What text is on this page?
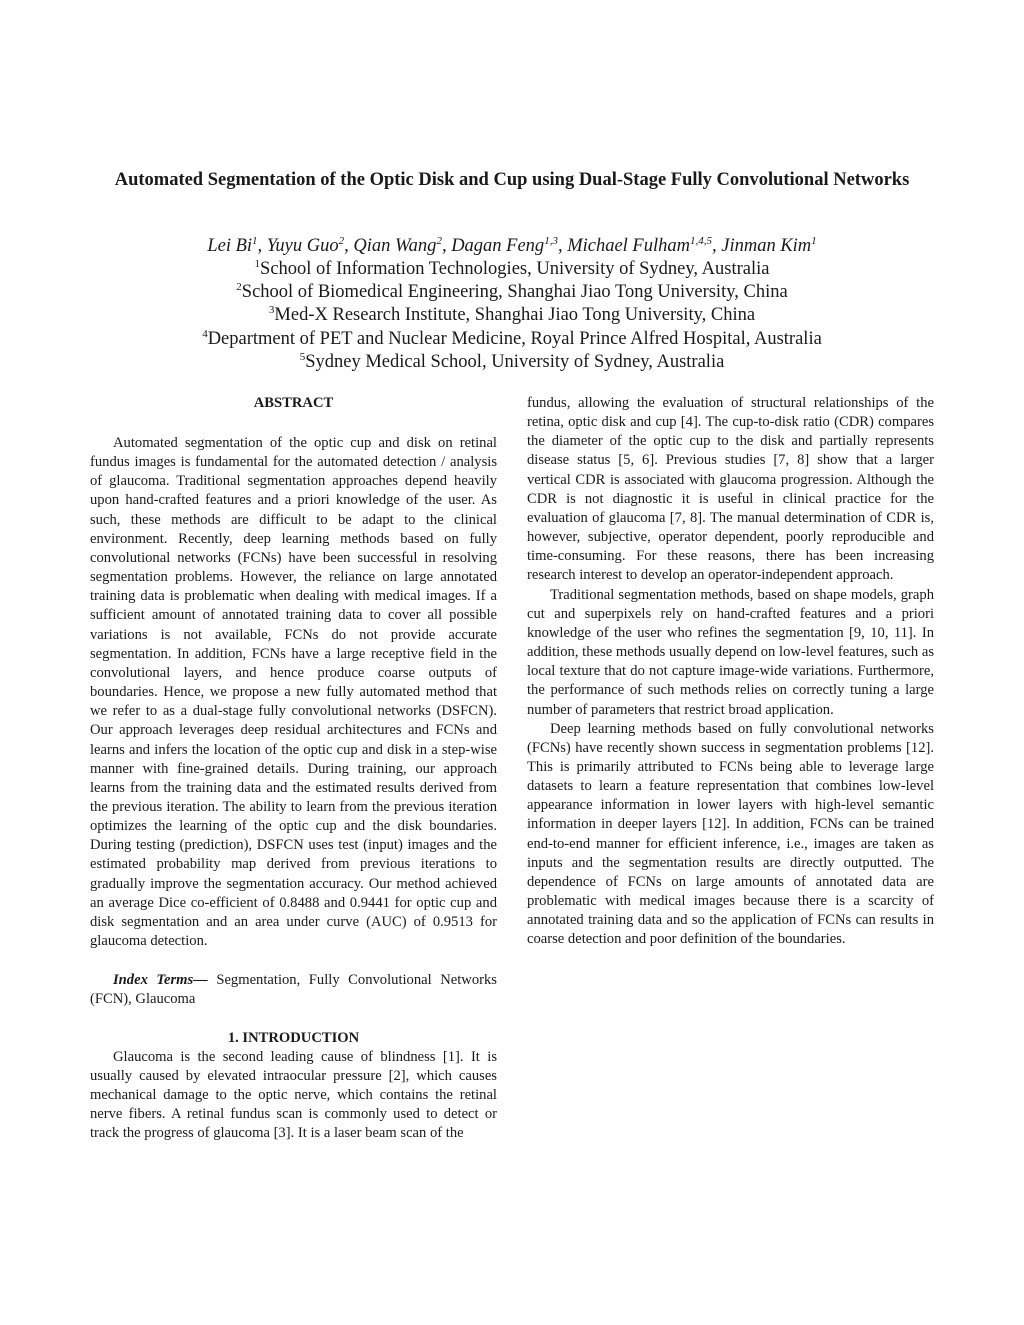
Automated Segmentation of the Optic Disk and Cup using Dual-Stage Fully Convolutional Networks
Lei Bi$^1$, Yuyu Guo$^2$, Qian Wang$^2$, Dagan Feng$^{1,3}$, Michael Fulham$^{1,4,5}$, Jinman Kim$^1$
$^1$School of Information Technologies, University of Sydney, Australia
$^2$School of Biomedical Engineering, Shanghai Jiao Tong University, China
$^3$Med-X Research Institute, Shanghai Jiao Tong University, China
$^4$Department of PET and Nuclear Medicine, Royal Prince Alfred Hospital, Australia
$^5$Sydney Medical School, University of Sydney, Australia
ABSTRACT

Automated segmentation of the optic cup and disk on retinal fundus images is fundamental for the automated detection / analysis of glaucoma. Traditional segmentation approaches depend heavily upon hand-crafted features and a priori knowledge of the user. As such, these methods are difficult to be adapt to the clinical environment. Recently, deep learning methods based on fully convolutional networks (FCNs) have been successful in resolving segmentation problems. However, the reliance on large annotated training data is problematic when dealing with medical images. If a sufficient amount of annotated training data to cover all possible variations is not available, FCNs do not provide accurate segmentation. In addition, FCNs have a large receptive field in the convolutional layers, and hence produce coarse outputs of boundaries. Hence, we propose a new fully automated method that we refer to as a dual-stage fully convolutional networks (DSFCN). Our approach leverages deep residual architectures and FCNs and learns and infers the location of the optic cup and disk in a step-wise manner with fine-grained details. During training, our approach learns from the training data and the estimated results derived from the previous iteration. The ability to learn from the previous iteration optimizes the learning of the optic cup and the disk boundaries. During testing (prediction), DSFCN uses test (input) images and the estimated probability map derived from previous iterations to gradually improve the segmentation accuracy. Our method achieved an average Dice co-efficient of 0.8488 and 0.9441 for optic cup and disk segmentation and an area under curve (AUC) of 0.9513 for glaucoma detection.

Index Terms— Segmentation, Fully Convolutional Networks (FCN), Glaucoma

1. INTRODUCTION

Glaucoma is the second leading cause of blindness [1]. It is usually caused by elevated intraocular pressure [2], which causes mechanical damage to the optic nerve, which contains the retinal nerve fibers. A retinal fundus scan is commonly used to detect or track the progress of glaucoma [3]. It is a laser beam scan of the

fundus, allowing the evaluation of structural relationships of the retina, optic disk and cup [4]. The cup-to-disk ratio (CDR) compares the diameter of the optic cup to the disk and partially represents disease status [5, 6]. Previous studies [7, 8] show that a larger vertical CDR is associated with glaucoma progression. Although the CDR is not diagnostic it is useful in clinical practice for the evaluation of glaucoma [7, 8]. The manual determination of CDR is, however, subjective, operator dependent, poorly reproducible and time-consuming. For these reasons, there has been increasing research interest to develop an operator-independent approach.

Traditional segmentation methods, based on shape models, graph cut and superpixels rely on hand-crafted features and a priori knowledge of the user who refines the segmentation [9, 10, 11]. In addition, these methods usually depend on low-level features, such as local texture that do not capture image-wide variations. Furthermore, the performance of such methods relies on correctly tuning a large number of parameters that restrict broad application.

Deep learning methods based on fully convolutional networks (FCNs) have recently shown success in segmentation problems [12]. This is primarily attributed to FCNs being able to leverage large datasets to learn a feature representation that combines low-level appearance information in lower layers with high-level semantic information in deeper layers [12]. In addition, FCNs can be trained end-to-end manner for efficient inference, i.e., images are taken as inputs and the segmentation results are directly outputted. The dependence of FCNs on large amounts of annotated data are problematic with medical images because there is a scarcity of annotated training data and so the application of FCNs can results in coarse detection and poor definition of the boundaries.
